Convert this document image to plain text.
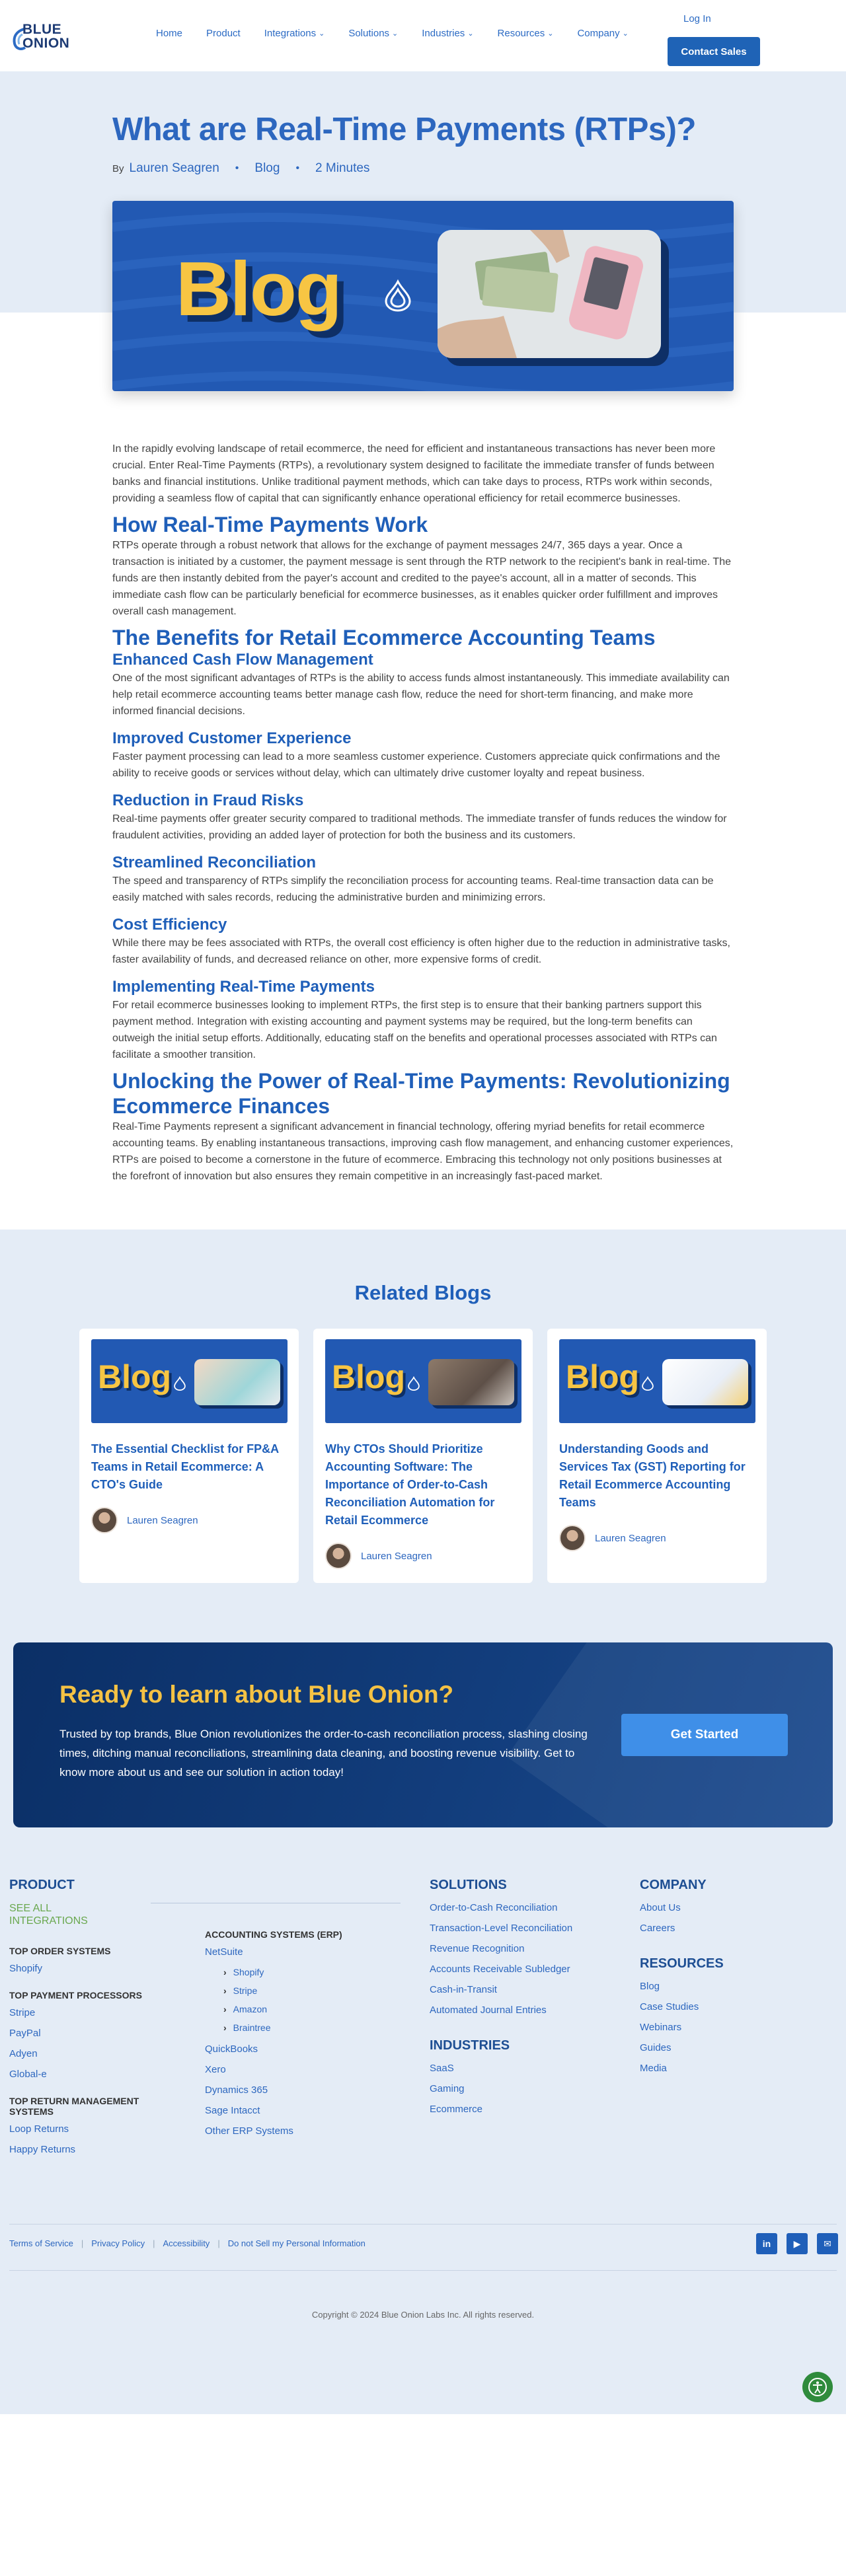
BLUE
ONION
Home Product Integrations ⌄ Solutions ⌄ Industries ⌄ Resources ⌄ Company ⌄
Log In
Contact Sales
What are Real-Time Payments (RTPs)?
By Lauren Seagren • Blog • 2 Minutes
Blog

In the rapidly evolving landscape of retail ecommerce, the need for efficient and instantaneous transactions has never been more crucial. Enter Real-Time Payments (RTPs), a revolutionary system designed to facilitate the immediate transfer of funds between banks and financial institutions. Unlike traditional payment methods, which can take days to process, RTPs work within seconds, providing a seamless flow of capital that can significantly enhance operational efficiency for retail ecommerce businesses.

How Real-Time Payments Work

RTPs operate through a robust network that allows for the exchange of payment messages 24/7, 365 days a year. Once a transaction is initiated by a customer, the payment message is sent through the RTP network to the recipient's bank in real-time. The funds are then instantly debited from the payer's account and credited to the payee's account, all in a matter of seconds. This immediate cash flow can be particularly beneficial for ecommerce businesses, as it enables quicker order fulfillment and improves overall cash management.

The Benefits for Retail Ecommerce Accounting Teams
Enhanced Cash Flow Management

One of the most significant advantages of RTPs is the ability to access funds almost instantaneously. This immediate availability can help retail ecommerce accounting teams better manage cash flow, reduce the need for short-term financing, and make more informed financial decisions.

Improved Customer Experience

Faster payment processing can lead to a more seamless customer experience. Customers appreciate quick confirmations and the ability to receive goods or services without delay, which can ultimately drive customer loyalty and repeat business.

Reduction in Fraud Risks

Real-time payments offer greater security compared to traditional methods. The immediate transfer of funds reduces the window for fraudulent activities, providing an added layer of protection for both the business and its customers.

Streamlined Reconciliation

The speed and transparency of RTPs simplify the reconciliation process for accounting teams. Real-time transaction data can be easily matched with sales records, reducing the administrative burden and minimizing errors.

Cost Efficiency

While there may be fees associated with RTPs, the overall cost efficiency is often higher due to the reduction in administrative tasks, faster availability of funds, and decreased reliance on other, more expensive forms of credit.

Implementing Real-Time Payments

For retail ecommerce businesses looking to implement RTPs, the first step is to ensure that their banking partners support this payment method. Integration with existing accounting and payment systems may be required, but the long-term benefits can outweigh the initial setup efforts. Additionally, educating staff on the benefits and operational processes associated with RTPs can facilitate a smoother transition.

Unlocking the Power of Real-Time Payments: Revolutionizing Ecommerce Finances

Real-Time Payments represent a significant advancement in financial technology, offering myriad benefits for retail ecommerce accounting teams. By enabling instantaneous transactions, improving cash flow management, and enhancing customer experiences, RTPs are poised to become a cornerstone in the future of ecommerce. Embracing this technology not only positions businesses at the forefront of innovation but also ensures they remain competitive in an increasingly fast-paced market.

Related Blogs
Blog
The Essential Checklist for FP&A Teams in Retail Ecommerce: A CTO's Guide
Lauren Seagren
Blog
Why CTOs Should Prioritize Accounting Software: The Importance of Order-to-Cash Reconciliation Automation for Retail Ecommerce
Lauren Seagren
Blog
Understanding Goods and Services Tax (GST) Reporting for Retail Ecommerce Accounting Teams
Lauren Seagren
Ready to learn about Blue Onion?

Trusted by top brands, Blue Onion revolutionizes the order-to-cash reconciliation process, slashing closing times, ditching manual reconciliations, streamlining data cleaning, and boosting revenue visibility. Get to know more about us and see our solution in action today!

Get Started
PRODUCT
SEE ALL INTEGRATIONS
TOP ORDER SYSTEMS
Shopify
TOP PAYMENT PROCESSORS
Stripe
PayPal
Adyen
Global-e
TOP RETURN MANAGEMENT SYSTEMS
Loop Returns
Happy Returns
ACCOUNTING SYSTEMS (ERP)
NetSuite
› Shopify
› Stripe
› Amazon
› Braintree
QuickBooks
Xero
Dynamics 365
Sage Intacct
Other ERP Systems
SOLUTIONS
Order-to-Cash Reconciliation
Transaction-Level Reconciliation
Revenue Recognition
Accounts Receivable Subledger
Cash-in-Transit
Automated Journal Entries
INDUSTRIES
SaaS
Gaming
Ecommerce
COMPANY
About Us
Careers
RESOURCES
Blog
Case Studies
Webinars
Guides
Media
Terms of Service | Privacy Policy | Accessibility | Do not Sell my Personal Information	in	▶	✉
Copyright © 2024 Blue Onion Labs Inc. All rights reserved.
